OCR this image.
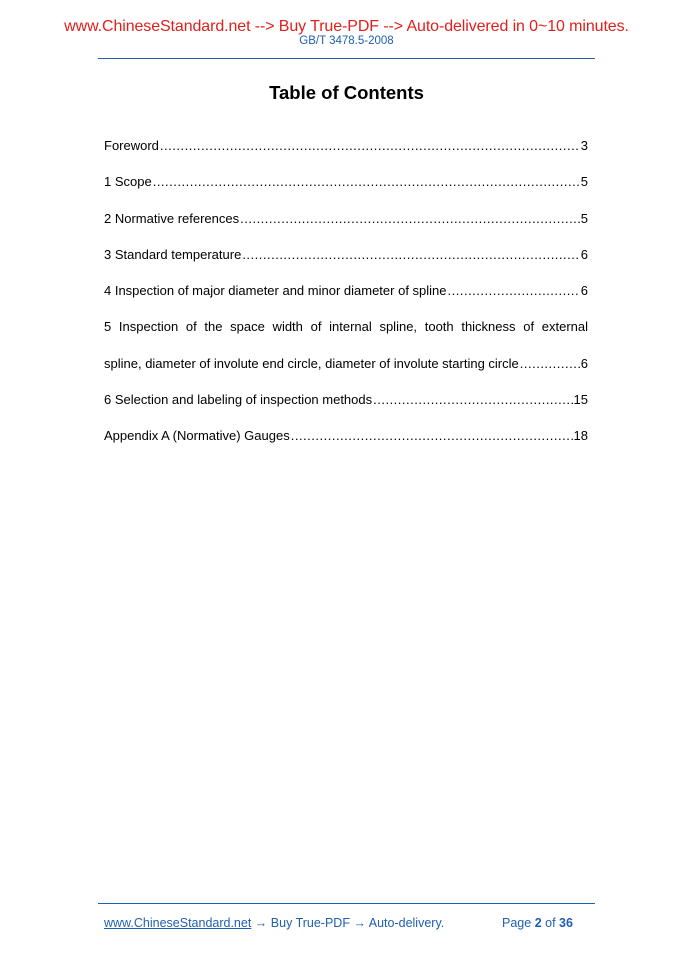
www.ChineseStandard.net --> Buy True-PDF --> Auto-delivered in 0~10 minutes.
GB/T 3478.5-2008
Table of Contents
Foreword .....	3
1 Scope .....	5
2 Normative references .....	5
3 Standard temperature .....	6
4 Inspection of major diameter and minor diameter of spline .....	6
5 Inspection of the space width of internal spline, tooth thickness of external
spline, diameter of involute end circle, diameter of involute starting circle .....	6
6 Selection and labeling of inspection methods .....	15
Appendix A (Normative) Gauges .....	18
www.ChineseStandard.net → Buy True-PDF → Auto-delivery.	Page 2 of 36
